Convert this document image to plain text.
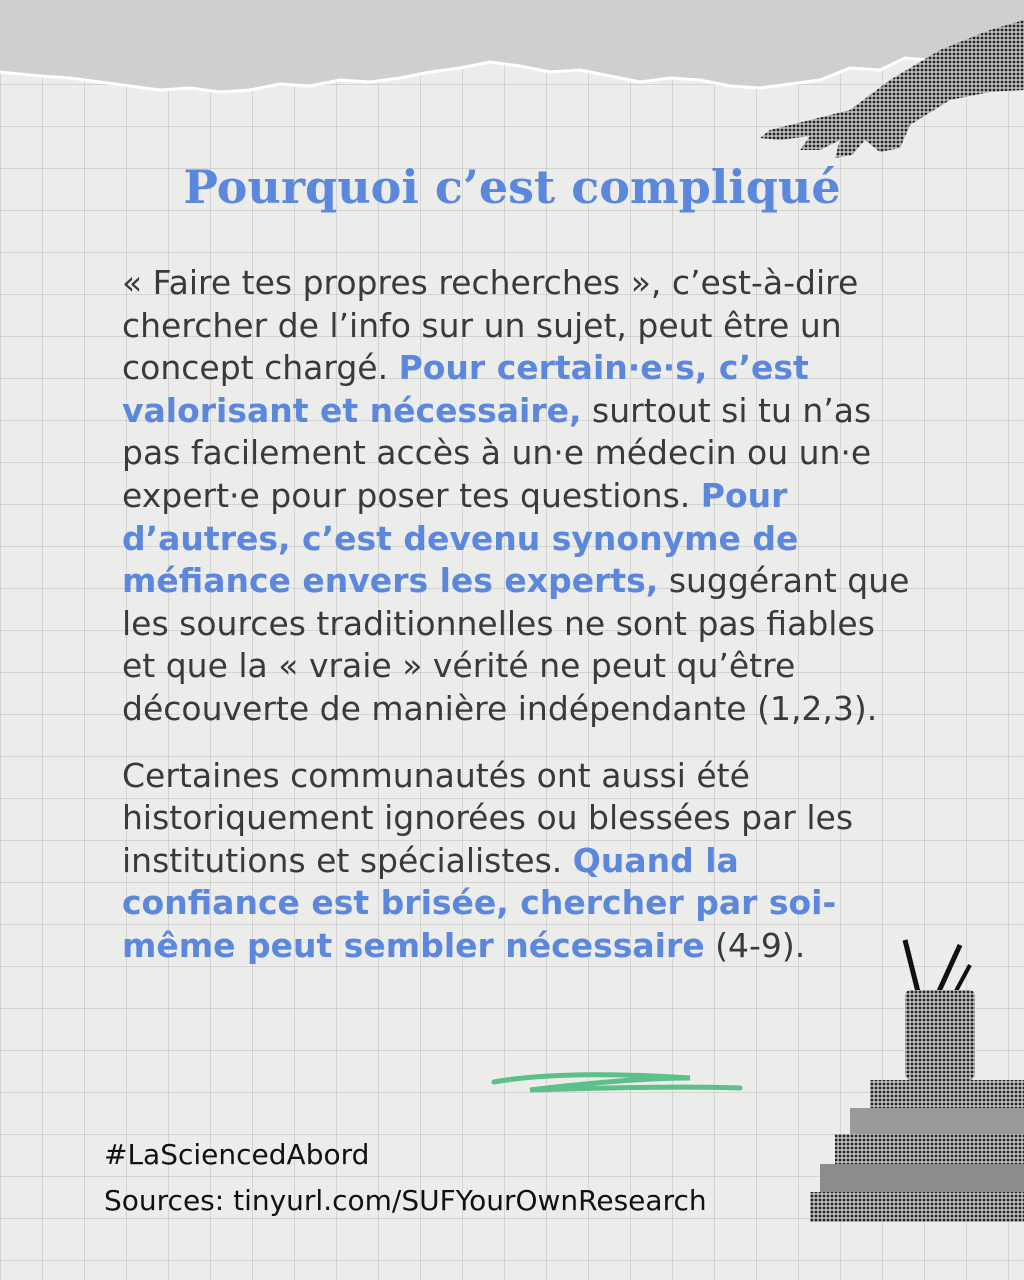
Pourquoi c’est compliqué

« Faire tes propres recherches », c’est-à-dire chercher de l’info sur un sujet, peut être un concept chargé. Pour certain·e·s, c’est valorisant et nécessaire, surtout si tu n’as pas facilement accès à un·e médecin ou un·e expert·e pour poser tes questions. Pour d’autres, c’est devenu synonyme de méfiance envers les experts, suggérant que les sources traditionnelles ne sont pas fiables et que la « vraie » vérité ne peut qu’être découverte de manière indépendante (1,2,3).

Certaines communautés ont aussi été historiquement ignorées ou blessées par les institutions et spécialistes. Quand la confiance est brisée, chercher par soi-même peut sembler nécessaire (4-9).

#LaSciencedAbord
Sources: tinyurl.com/SUFYourOwnResearch
